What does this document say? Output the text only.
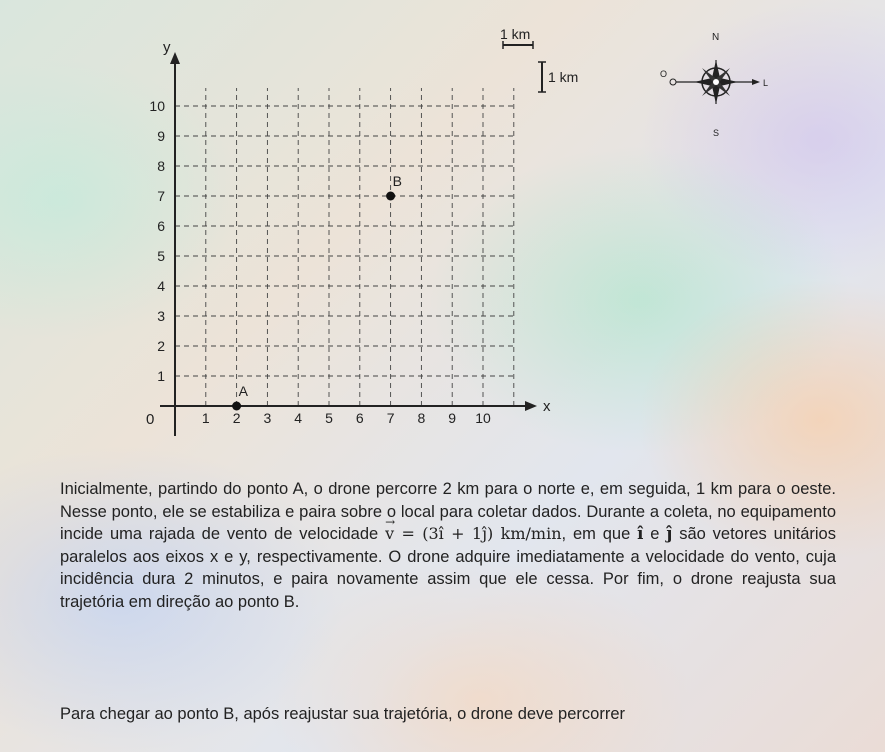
y
x
0	1 2 3 4 5 6 7 8 9 10
1
2
3
4
5
6
7
8
9
10
1 km
1 km
A
B
N
S
L
O

Inicialmente, partindo do ponto A, o drone percorre 2 km para o norte e, em seguida, 1 km para o oeste. Nesse ponto, ele se estabiliza e paira sobre o local para coletar dados. Durante a coleta, no equipamento incide uma rajada de vento de velocidade → v = (3î + 1ĵ) km/min, em que î e ĵ são vetores unitários paralelos aos eixos x e y, respectivamente. O drone adquire imediatamente a velocidade do vento, cuja incidência dura 2 minutos, e paira novamente assim que ele cessa. Por fim, o drone reajusta sua trajetória em direção ao ponto B.

Para chegar ao ponto B, após reajustar sua trajetória, o drone deve percorrer
